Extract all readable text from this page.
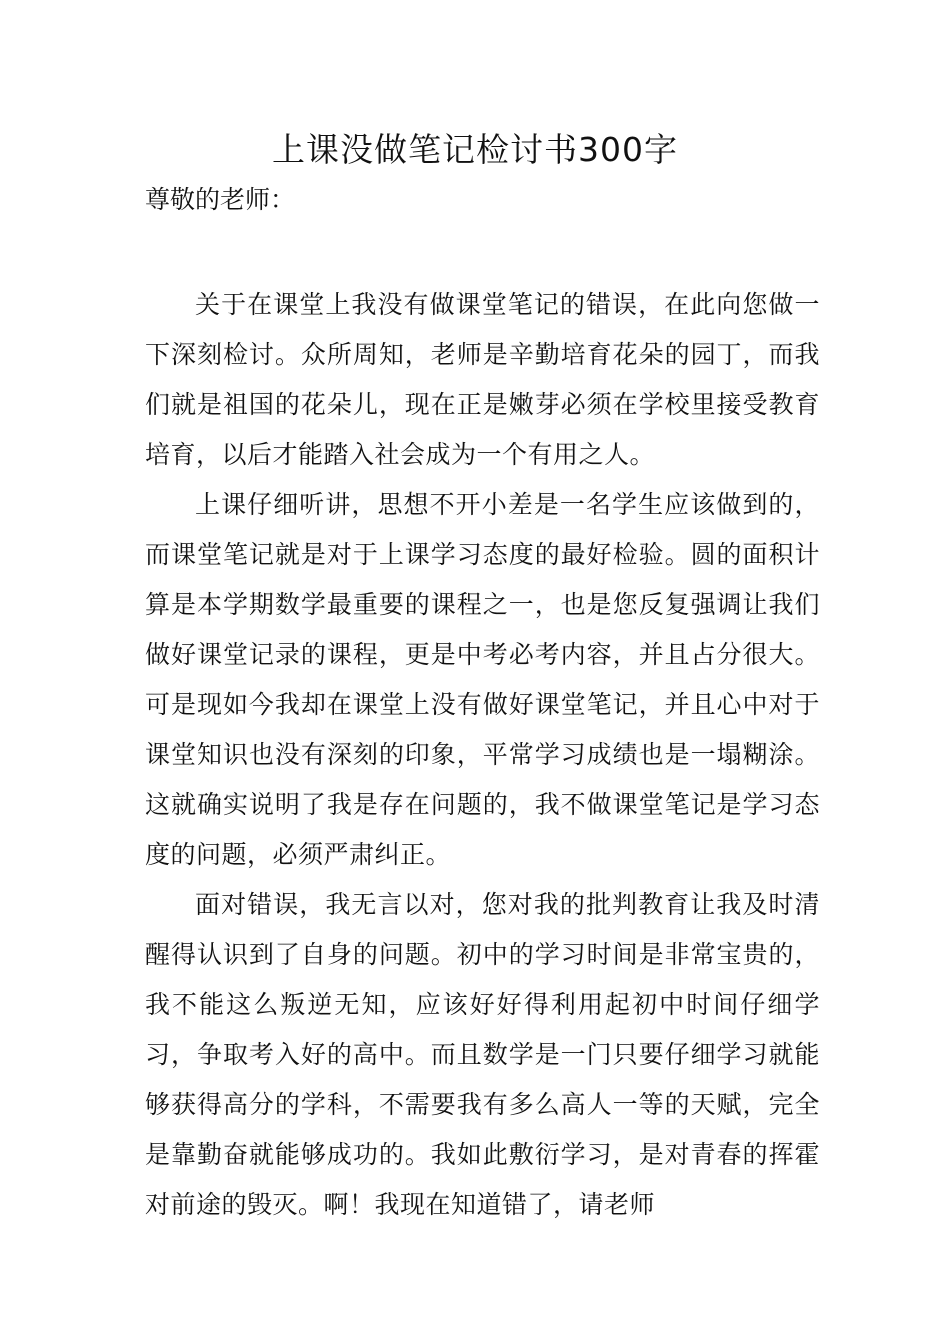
上课没做笔记检讨书300字

尊敬的老师：

关于在课堂上我没有做课堂笔记的错误，在此向您做一下深刻检讨。众所周知，老师是辛勤培育花朵的园丁，而我们就是祖国的花朵儿，现在正是嫩芽必须在学校里接受教育培育，以后才能踏入社会成为一个有用之人。

上课仔细听讲，思想不开小差是一名学生应该做到的，而课堂笔记就是对于上课学习态度的最好检验。圆的面积计算是本学期数学最重要的课程之一，也是您反复强调让我们做好课堂记录的课程，更是中考必考内容，并且占分很大。可是现如今我却在课堂上没有做好课堂笔记，并且心中对于课堂知识也没有深刻的印象，平常学习成绩也是一塌糊涂。这就确实说明了我是存在问题的，我不做课堂笔记是学习态度的问题，必须严肃纠正。

面对错误，我无言以对，您对我的批判教育让我及时清醒得认识到了自身的问题。初中的学习时间是非常宝贵的，我不能这么叛逆无知，应该好好得利用起初中时间仔细学习，争取考入好的高中。而且数学是一门只要仔细学习就能够获得高分的学科，不需要我有多么高人一等的天赋，完全是靠勤奋就能够成功的。我如此敷衍学习，是对青春的挥霍对前途的毁灭。啊！我现在知道错了，请老师
